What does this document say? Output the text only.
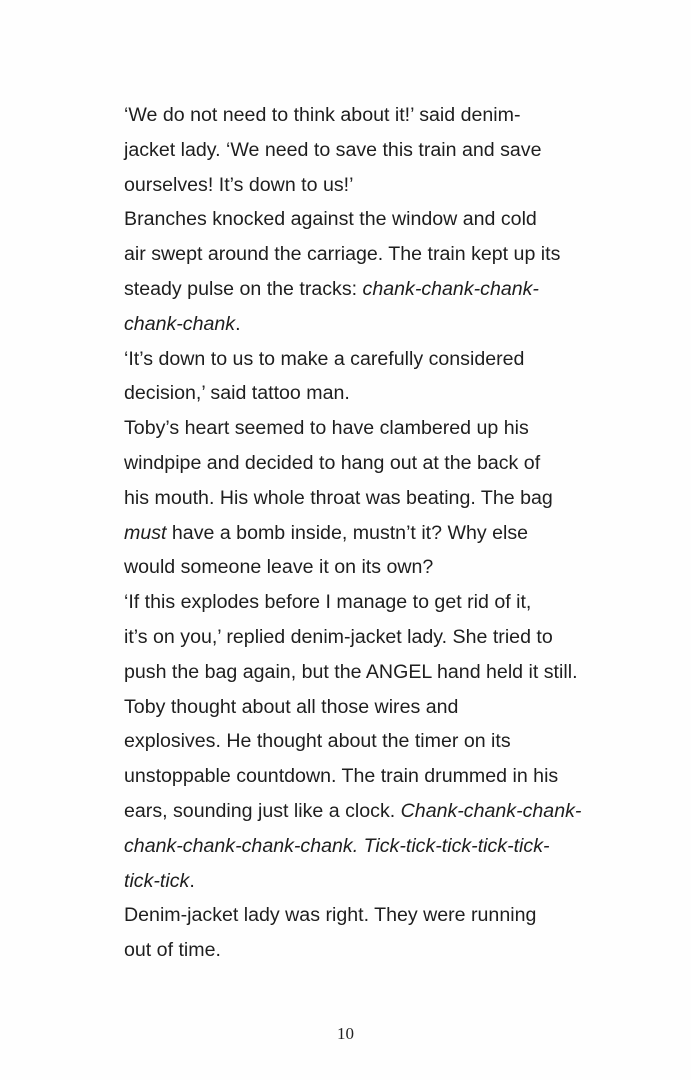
‘We do not need to think about it!’ said denim-
jacket lady. ‘We need to save this train and save
ourselves! It’s down to us!’

Branches knocked against the window and cold
air swept around the carriage. The train kept up its
steady pulse on the tracks: chank-chank-chank-
chank-chank.

‘It’s down to us to make a carefully considered
decision,’ said tattoo man.

Toby’s heart seemed to have clambered up his
windpipe and decided to hang out at the back of
his mouth. His whole throat was beating. The bag
must have a bomb inside, mustn’t it? Why else
would someone leave it on its own?

‘If this explodes before I manage to get rid of it,
it’s on you,’ replied denim-jacket lady. She tried to
push the bag again, but the ANGEL hand held it still.

Toby thought about all those wires and
explosives. He thought about the timer on its
unstoppable countdown. The train drummed in his
ears, sounding just like a clock. Chank-chank-chank-
chank-chank-chank-chank. Tick-tick-tick-tick-tick-
tick-tick.

Denim-jacket lady was right. They were running
out of time.

10
